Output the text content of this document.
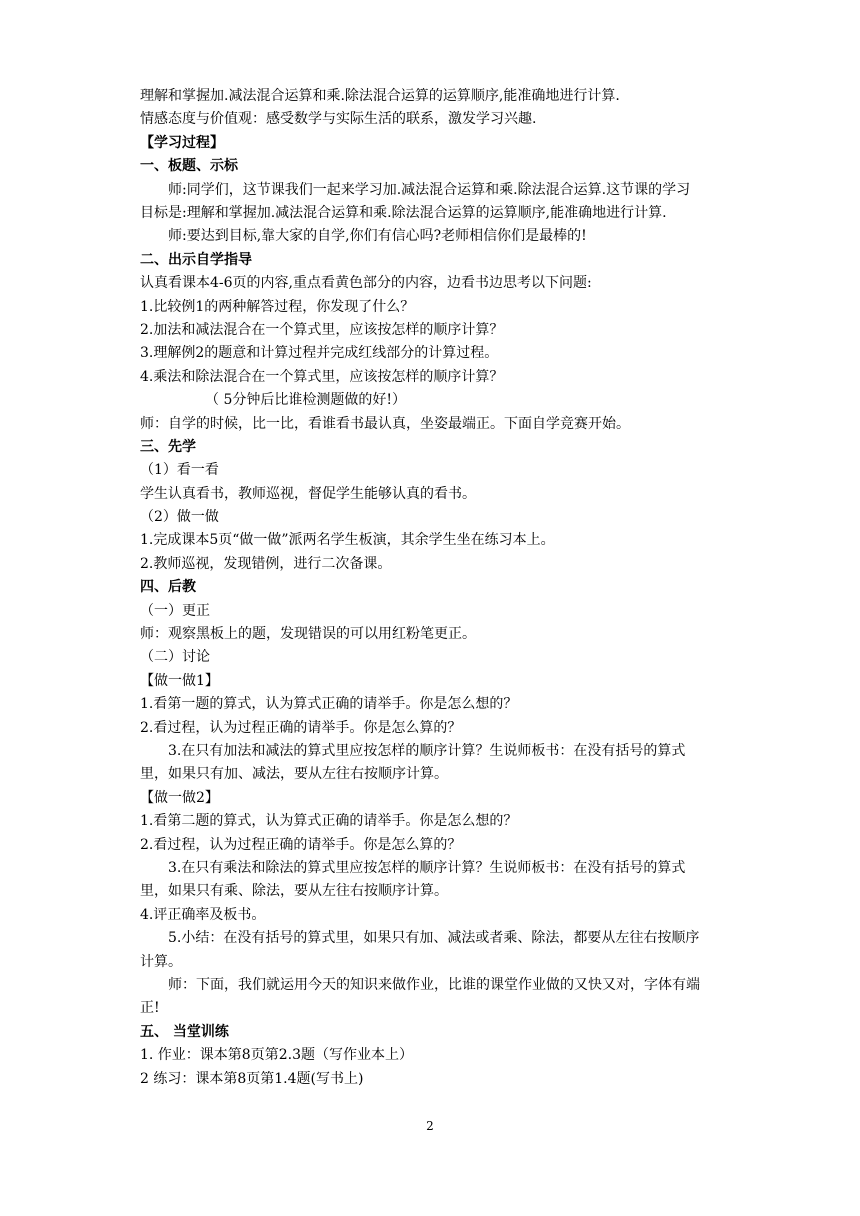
理解和掌握加.减法混合运算和乘.除法混合运算的运算顺序,能准确地进行计算.
情感态度与价值观：感受数学与实际生活的联系，激发学习兴趣.
【学习过程】
一、板题、示标
师:同学们，这节课我们一起来学习加.减法混合运算和乘.除法混合运算.这节课的学习目标是:理解和掌握加.减法混合运算和乘.除法混合运算的运算顺序,能准确地进行计算.
师:要达到目标,靠大家的自学,你们有信心吗?老师相信你们是最棒的!
二、出示自学指导
认真看课本4-6页的内容,重点看黄色部分的内容，边看书边思考以下问题:
1.比较例1的两种解答过程，你发现了什么？
2.加法和减法混合在一个算式里，应该按怎样的顺序计算？
3.理解例2的题意和计算过程并完成红线部分的计算过程。
4.乘法和除法混合在一个算式里，应该按怎样的顺序计算？
（ 5分钟后比谁检测题做的好!）
师：自学的时候，比一比，看谁看书最认真，坐姿最端正。下面自学竞赛开始。
三、先学
（1）看一看
学生认真看书，教师巡视，督促学生能够认真的看书。
（2）做一做
1.完成课本5页“做一做”派两名学生板演，其余学生坐在练习本上。
2.教师巡视，发现错例，进行二次备课。
四、后教
（一）更正
师：观察黑板上的题，发现错误的可以用红粉笔更正。
（二）讨论
【做一做1】
1.看第一题的算式，认为算式正确的请举手。你是怎么想的？
2.看过程，认为过程正确的请举手。你是怎么算的？
3.在只有加法和减法的算式里应按怎样的顺序计算？生说师板书：在没有括号的算式里，如果只有加、减法，要从左往右按顺序计算。
【做一做2】
1.看第二题的算式，认为算式正确的请举手。你是怎么想的？
2.看过程，认为过程正确的请举手。你是怎么算的？
3.在只有乘法和除法的算式里应按怎样的顺序计算？生说师板书：在没有括号的算式里，如果只有乘、除法，要从左往右按顺序计算。
4.评正确率及板书。
5.小结：在没有括号的算式里，如果只有加、减法或者乘、除法，都要从左往右按顺序计算。
师：下面，我们就运用今天的知识来做作业，比谁的课堂作业做的又快又对，字体有端正!
五、 当堂训练
1. 作业：课本第8页第2.3题（写作业本上）
2 练习：课本第8页第1.4题(写书上)
2
